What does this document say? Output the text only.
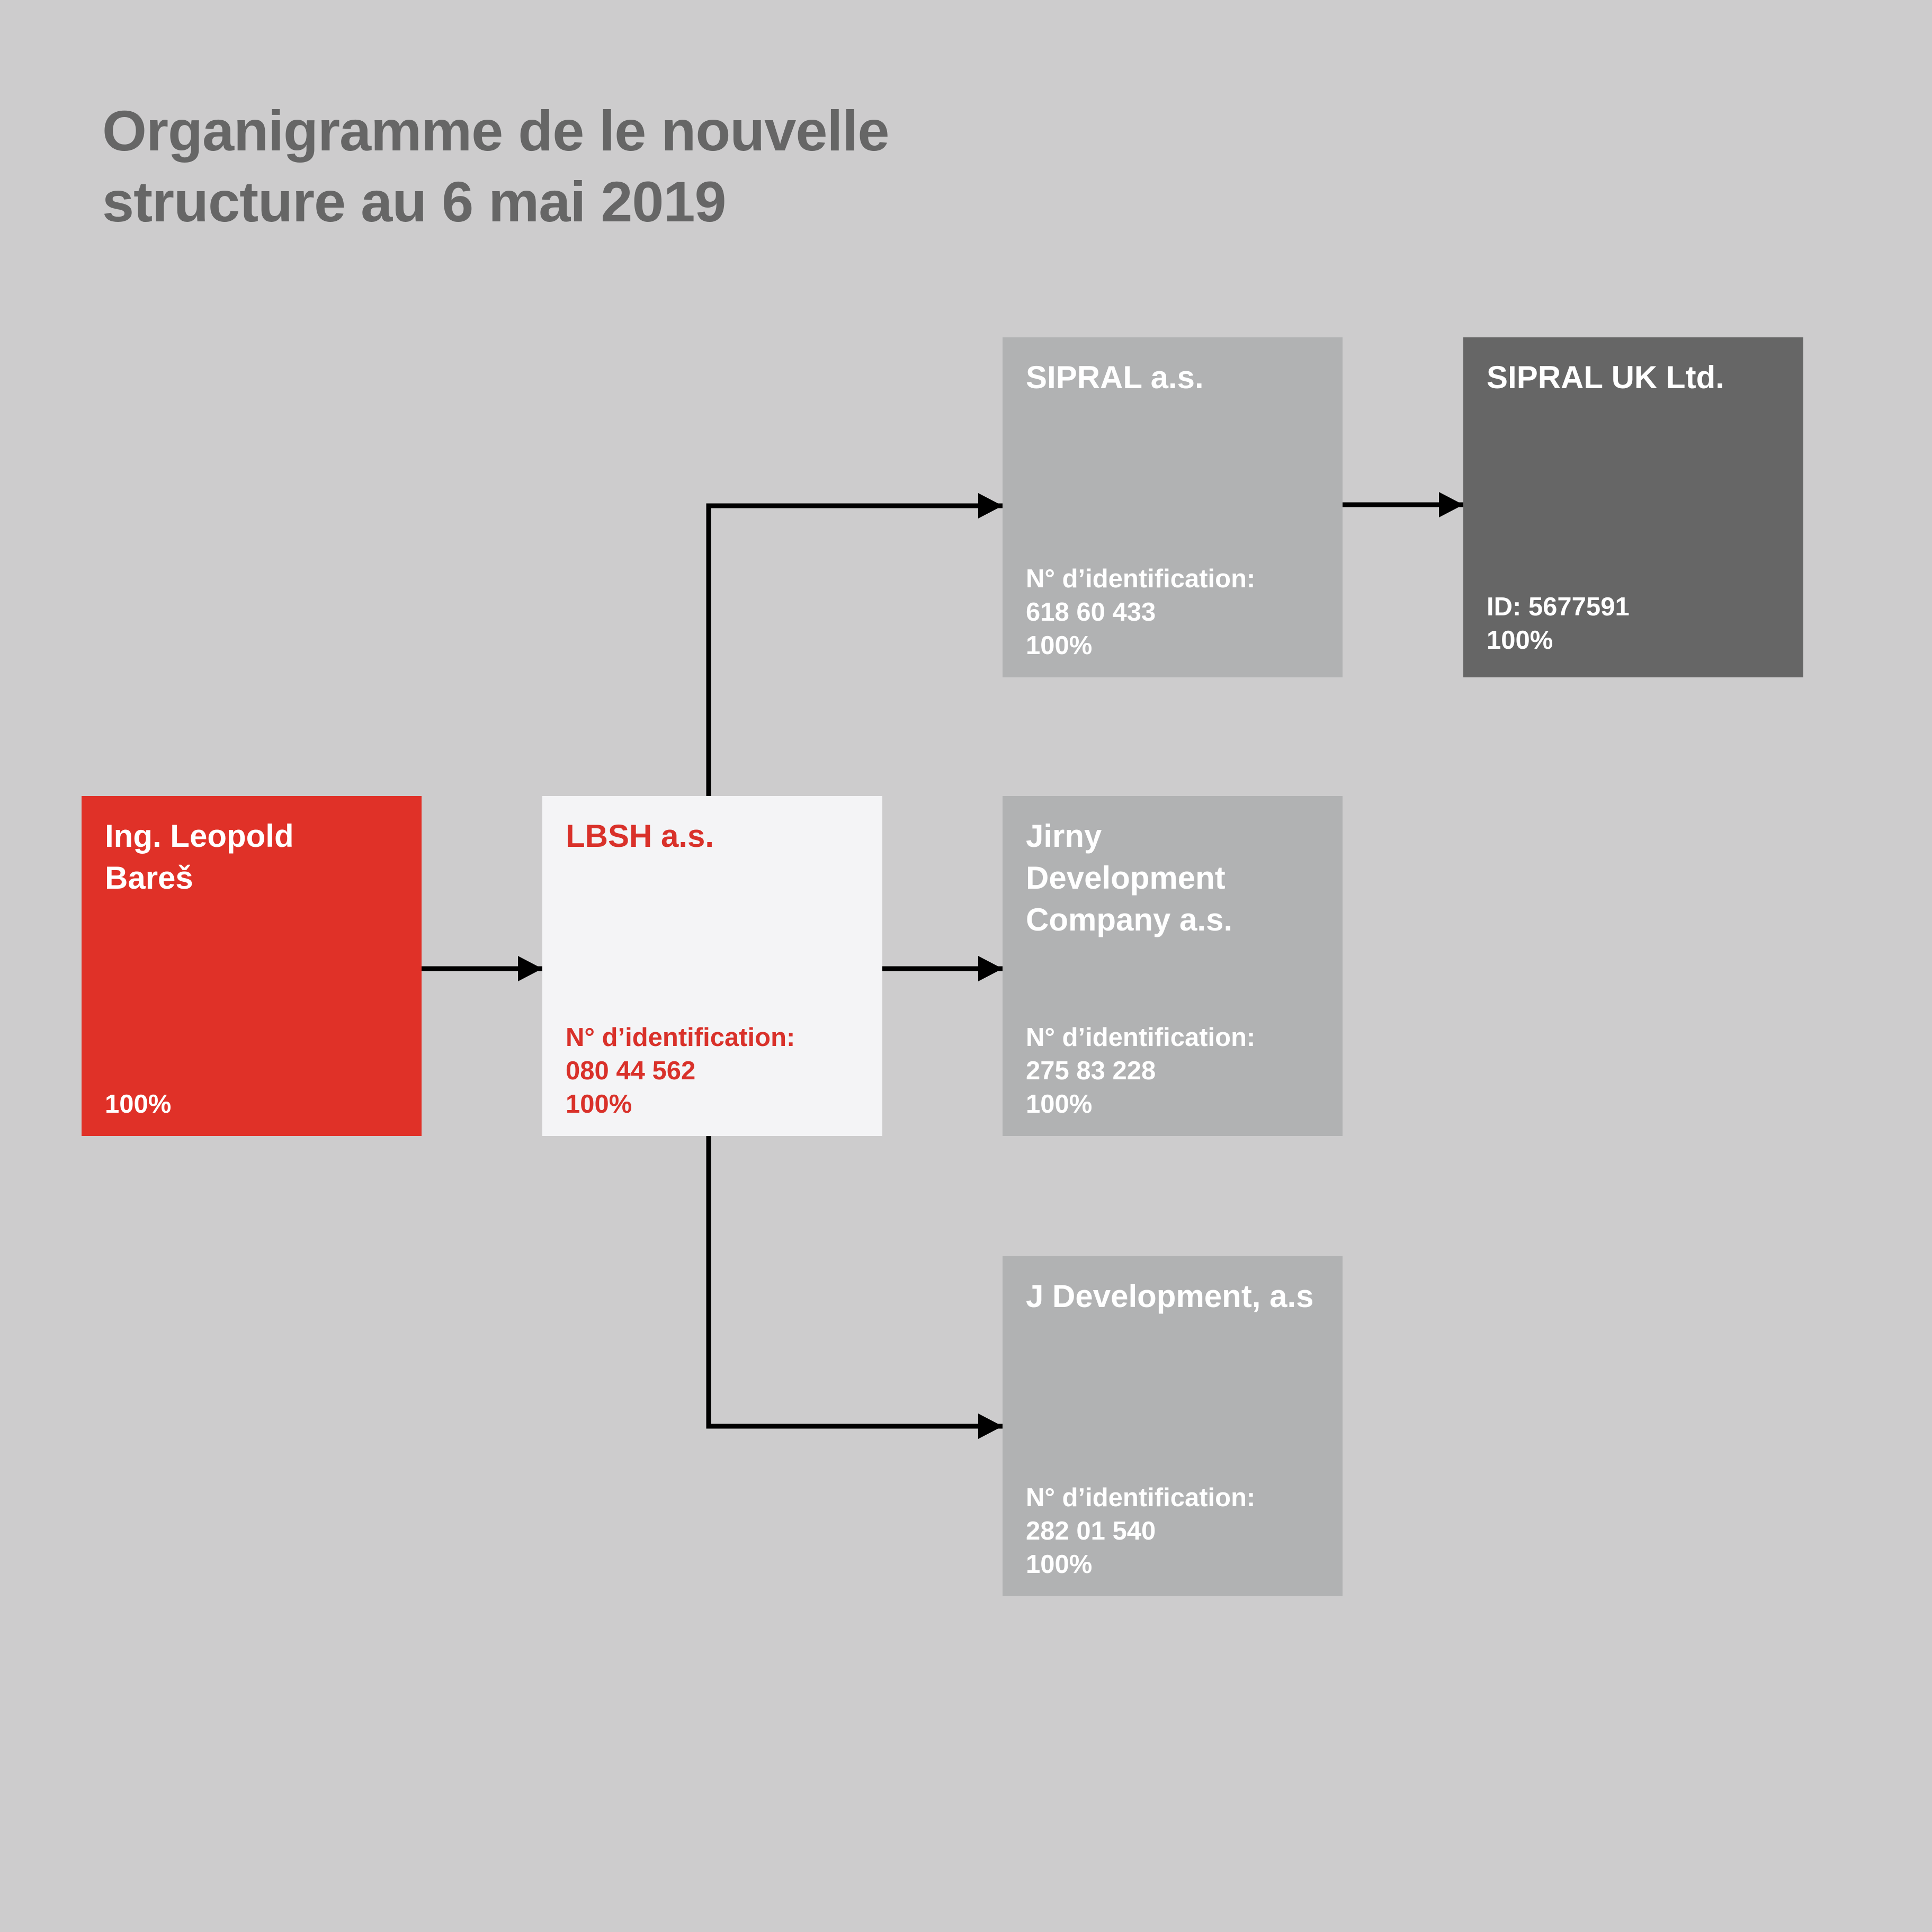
Organigramme de le nouvelle
structure au 6 mai 2019
Ing. Leopold
Bareš
100%
LBSH a.s.
N° d’identification:
080 44 562
100%
SIPRAL a.s.
N° d’identification:
618 60 433
100%
SIPRAL UK Ltd.
ID: 5677591
100%
Jirny
Development
Company a.s.
N° d’identification:
275 83 228
100%
J Development, a.s
N° d’identification:
282 01 540
100%
